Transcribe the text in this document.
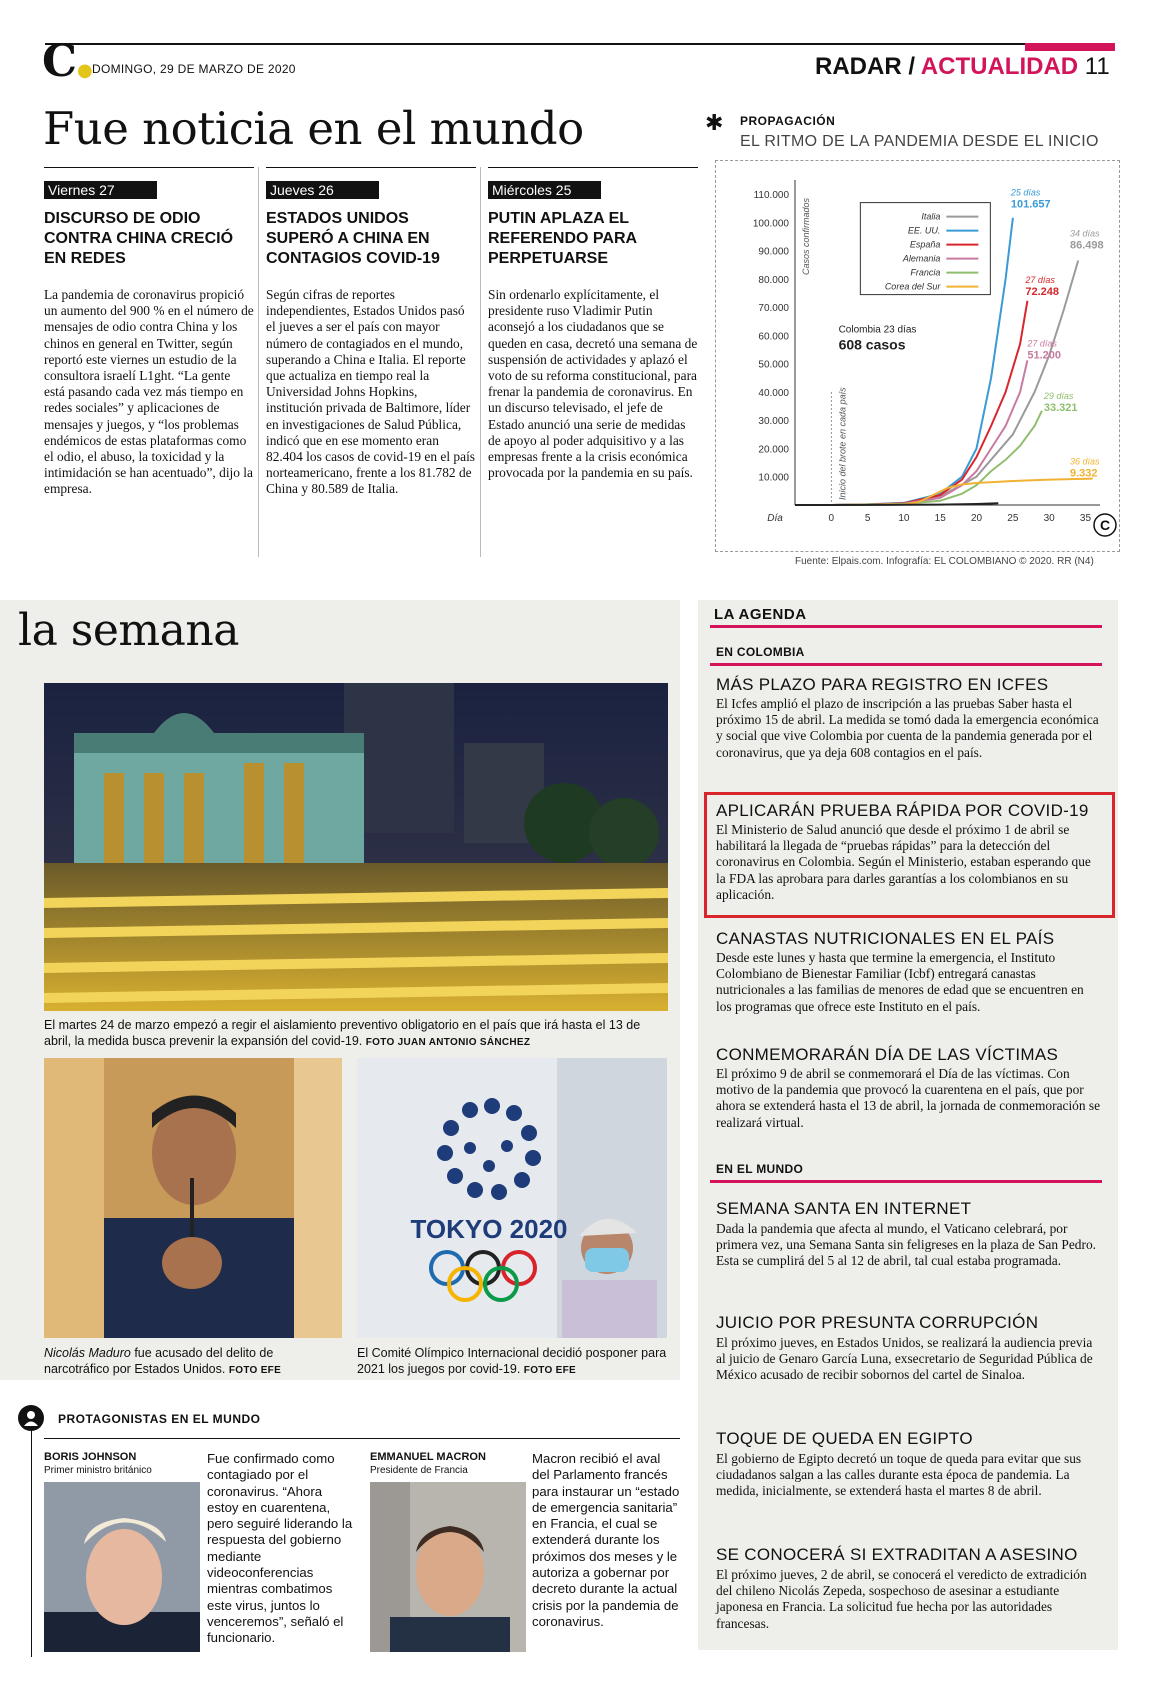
C● DOMINGO, 29 DE MARZO DE 2020	RADAR / ACTUALIDAD 11
Fue noticia en el mundo
Viernes 27
DISCURSO DE ODIO CONTRA CHINA CRECIÓ EN REDES
La pandemia de coronavirus propició un aumento del 900 % en el número de mensajes de odio contra China y los chinos en general en Twitter, según reportó este viernes un estudio de la consultora israelí L1ght. “La gente está pasando cada vez más tiempo en redes sociales” y aplicaciones de mensajes y juegos, y “los problemas endémicos de estas plataformas como el odio, el abuso, la toxicidad y la intimidación se han acentuado”, dijo la empresa.
Jueves 26
ESTADOS UNIDOS SUPERÓ A CHINA EN CONTAGIOS COVID-19
Según cifras de reportes independientes, Estados Unidos pasó el jueves a ser el país con mayor número de contagiados en el mundo, superando a China e Italia. El reporte que actualiza en tiempo real la Universidad Johns Hopkins, institución privada de Baltimore, líder en investigaciones de Salud Pública, indicó que en ese momento eran 82.404 los casos de covid-19 en el país norteamericano, frente a los 81.782 de China y 80.589 de Italia.
Miércoles 25
PUTIN APLAZA EL REFERENDO PARA PERPETUARSE
Sin ordenarlo explícitamente, el presidente ruso Vladimir Putin aconsejó a los ciudadanos que se queden en casa, decretó una semana de suspensión de actividades y aplazó el voto de su reforma constitucional, para frenar la pandemia de coronavirus. En un discurso televisado, el jefe de Estado anunció una serie de medidas de apoyo al poder adquisitivo y a las empresas frente a la crisis económica provocada por la pandemia en su país.
✱ PROPAGACIÓN
EL RITMO DE LA PANDEMIA DESDE EL INICIO
10.000
20.000
30.000
40.000
50.000
60.000
70.000
80.000
90.000
100.000
110.000
0	5	10	15	20	25	30	35
Día
Casos confirmados
Inicio del brote en cada país
34 días
86.498
25 días
101.657
27 días
72.248
27 días
51.200
29 días
33.321
36 días
9.332
Colombia 23 días
608 casos
Italia
EE. UU.
España
Alemania
Francia
Corea del Sur
C
Fuente: Elpais.com. Infografía: EL COLOMBIANO © 2020. RR (N4)
la semana
El martes 24 de marzo empezó a regir el aislamiento preventivo obligatorio en el país que irá hasta el 13 de abril, la medida busca prevenir la expansión del covid-19. FOTO JUAN ANTONIO SÁNCHEZ
Nicolás Maduro fue acusado del delito de narcotráfico por Estados Unidos. FOTO EFE
TOKYO 2020
El Comité Olímpico Internacional decidió posponer para 2021 los juegos por covid-19. FOTO EFE
PROTAGONISTAS EN EL MUNDO
BORIS JOHNSON
Primer ministro británico
Fue confirmado como contagiado por el coronavirus. “Ahora estoy en cuarentena, pero seguiré liderando la respuesta del gobierno mediante videoconferencias mientras combatimos este virus, juntos lo venceremos”, señaló el funcionario.
EMMANUEL MACRON
Presidente de Francia
Macron recibió el aval del Parlamento francés para instaurar un “estado de emergencia sanitaria” en Francia, el cual se extenderá durante los próximos dos meses y le autoriza a gobernar por decreto durante la actual crisis por la pandemia de coronavirus.
LA AGENDA
EN COLOMBIA
MÁS PLAZO PARA REGISTRO EN ICFES
El Icfes amplió el plazo de inscripción a las pruebas Saber hasta el próximo 15 de abril. La medida se tomó dada la emergencia económica y social que vive Colombia por cuenta de la pandemia generada por el coronavirus, que ya deja 608 contagios en el país.
APLICARÁN PRUEBA RÁPIDA POR COVID-19
El Ministerio de Salud anunció que desde el próximo 1 de abril se habilitará la llegada de “pruebas rápidas” para la detección del coronavirus en Colombia. Según el Ministerio, estaban esperando que la FDA las aprobara para darles garantías a los colombianos en su aplicación.
CANASTAS NUTRICIONALES EN EL PAÍS
Desde este lunes y hasta que termine la emergencia, el Instituto Colombiano de Bienestar Familiar (Icbf) entregará canastas nutricionales a las familias de menores de edad que se encuentren en los programas que ofrece este Instituto en el país.
CONMEMORARÁN DÍA DE LAS VÍCTIMAS
El próximo 9 de abril se conmemorará el Día de las víctimas. Con motivo de la pandemia que provocó la cuarentena en el país, que por ahora se extenderá hasta el 13 de abril, la jornada de conmemoración se realizará virtual.
EN EL MUNDO
SEMANA SANTA EN INTERNET
Dada la pandemia que afecta al mundo, el Vaticano celebrará, por primera vez, una Semana Santa sin feligreses en la plaza de San Pedro. Esta se cumplirá del 5 al 12 de abril, tal cual estaba programada.
JUICIO POR PRESUNTA CORRUPCIÓN
El próximo jueves, en Estados Unidos, se realizará la audiencia previa al juicio de Genaro García Luna, exsecretario de Seguridad Pública de México acusado de recibir sobornos del cartel de Sinaloa.
TOQUE DE QUEDA EN EGIPTO
El gobierno de Egipto decretó un toque de queda para evitar que sus ciudadanos salgan a las calles durante esta época de pandemia. La medida, inicialmente, se extenderá hasta el martes 8 de abril.
SE CONOCERÁ SI EXTRADITAN A ASESINO
El próximo jueves, 2 de abril, se conocerá el veredicto de extradición del chileno Nicolás Zepeda, sospechoso de asesinar a estudiante japonesa en Francia. La solicitud fue hecha por las autoridades francesas.
